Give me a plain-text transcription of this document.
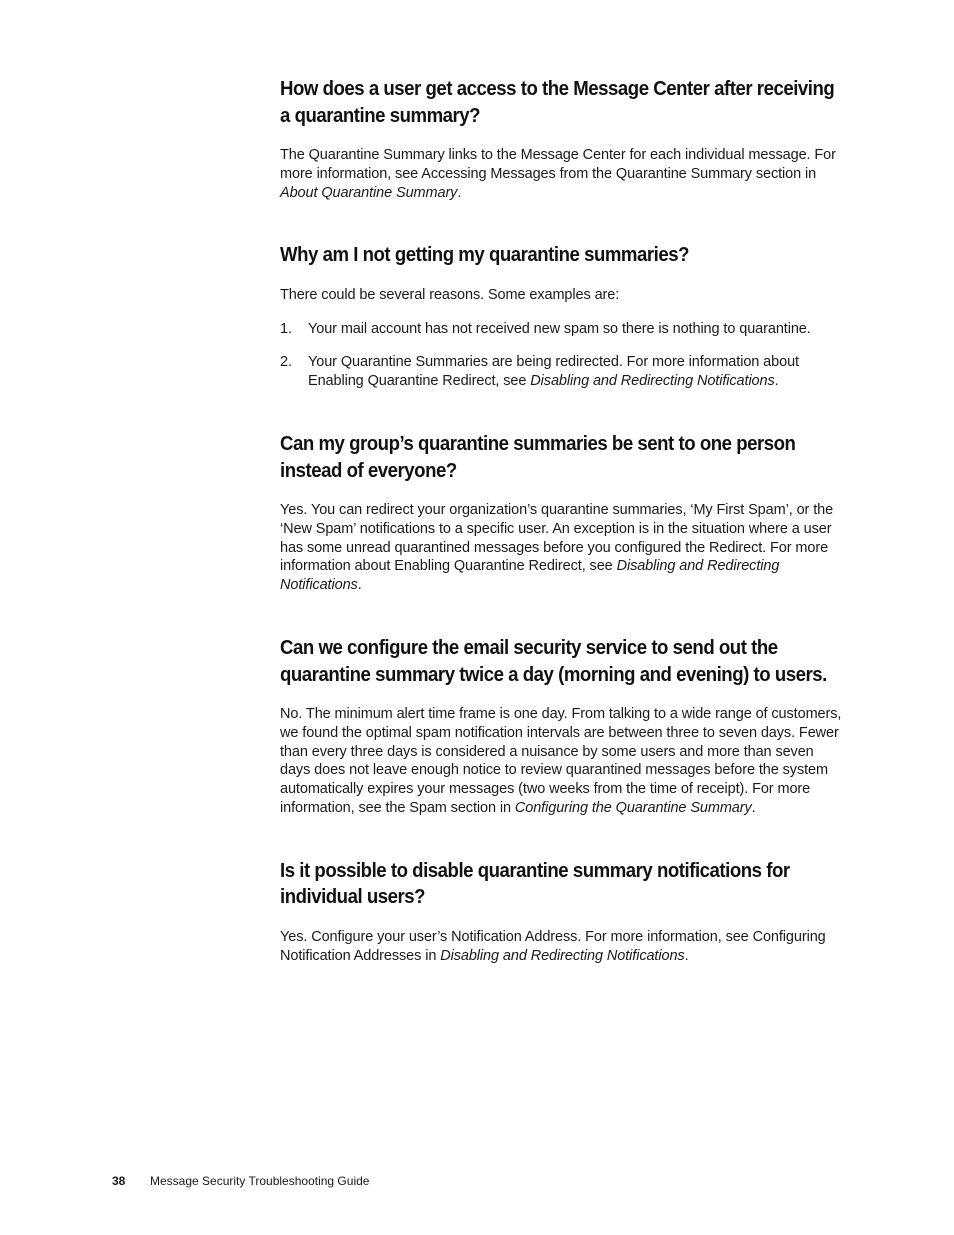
How does a user get access to the Message Center after receiving a quarantine summary?

The Quarantine Summary links to the Message Center for each individual message. For more information, see Accessing Messages from the Quarantine Summary section in About Quarantine Summary.

Why am I not getting my quarantine summaries?

There could be several reasons. Some examples are:

1. Your mail account has not received new spam so there is nothing to quarantine.
2. Your Quarantine Summaries are being redirected. For more information about Enabling Quarantine Redirect, see Disabling and Redirecting Notifications.
Can my group’s quarantine summaries be sent to one person instead of everyone?

Yes. You can redirect your organization’s quarantine summaries, ‘My First Spam’, or the ‘New Spam’ notifications to a specific user. An exception is in the situation where a user has some unread quarantined messages before you configured the Redirect. For more information about Enabling Quarantine Redirect, see Disabling and Redirecting Notifications.

Can we configure the email security service to send out the quarantine summary twice a day (morning and evening) to users.

No. The minimum alert time frame is one day. From talking to a wide range of customers, we found the optimal spam notification intervals are between three to seven days. Fewer than every three days is considered a nuisance by some users and more than seven days does not leave enough notice to review quarantined messages before the system automatically expires your messages (two weeks from the time of receipt). For more information, see the Spam section in Configuring the Quarantine Summary.

Is it possible to disable quarantine summary notifications for individual users?

Yes. Configure your user’s Notification Address. For more information, see Configuring Notification Addresses in Disabling and Redirecting Notifications.

38 Message Security Troubleshooting Guide
